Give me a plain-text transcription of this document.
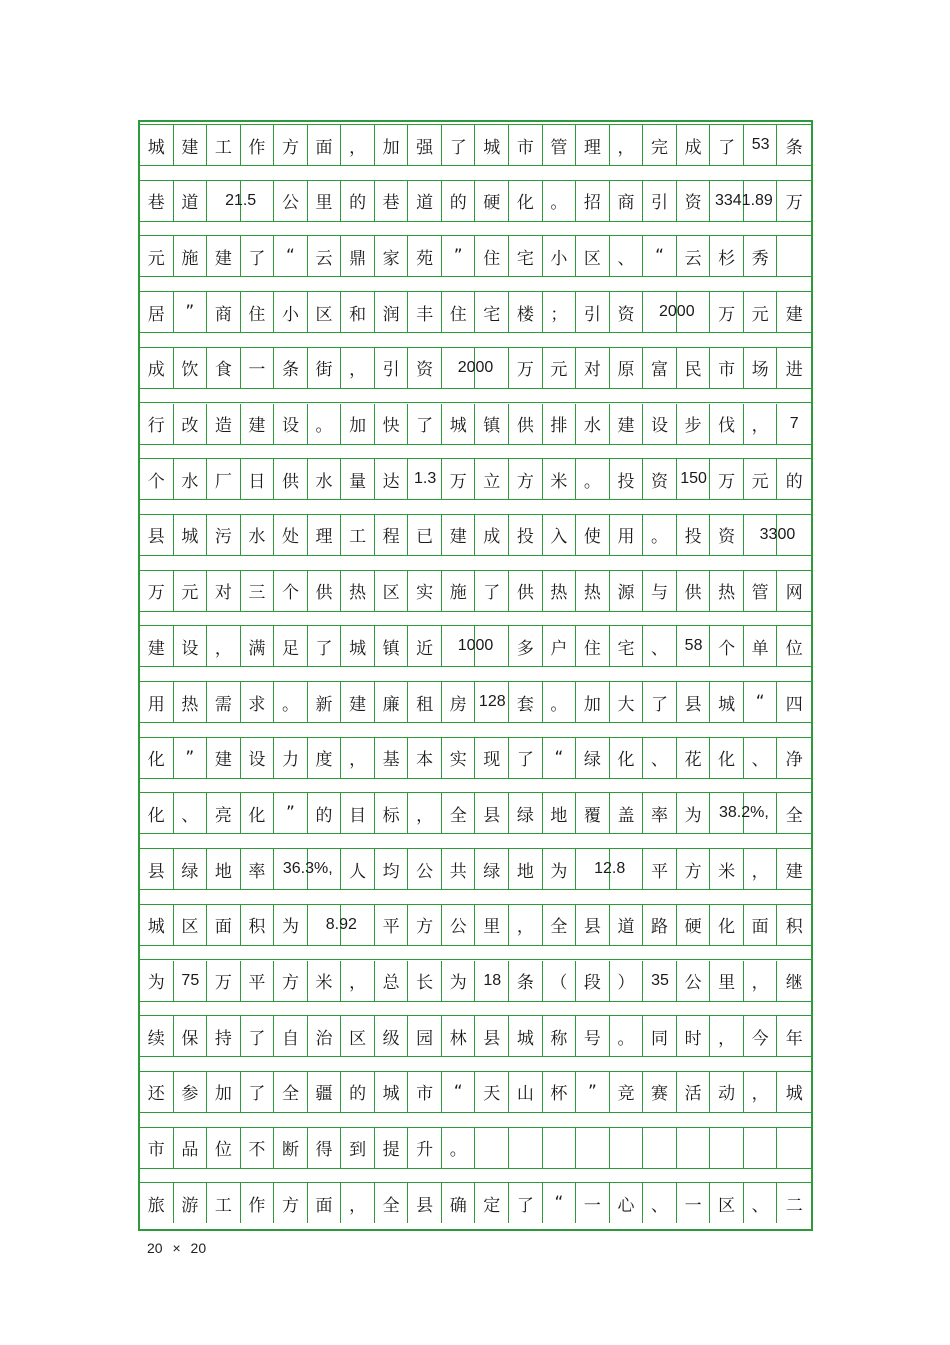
城 建 工 作 方 面 ， 加 强 了 城 市 管 理 ， 完 成 了	条
53
巷 道	公 里 的 巷 道 的 硬 化 。 招 商 引 资	万
21.5	3341.89
元 施 建 了	“	云 鼎 家 苑	”	住 宅 小 区 、	“	云 杉 秀
居	”	商 住 小 区 和 润 丰 住 宅 楼 ； 引 资	万 元	建
2000
成 饮 食 一 条 街 ， 引 资	万 元 对 原 富 民 市 场	进
2000
行 改 造 建 设 。 加 快 了 城 镇 供 排 水 建 设 步 伐 ，	7
个 水 厂 日 供 水 量 达	万 立 方 米 。 投 资	万 元	的
1.3	150
县 城 污 水 处 理 工 程 已 建 成 投 入 使 用 。 投 资	3300
万 元 对 三 个 供 热 区 实 施 了 供 热 热 源 与 供 热 管	网
建 设 ， 满 足 了 城 镇 近	多 户 住 宅 、	个 单	位
1000	58
用 热 需 求 。 新 建 廉 租 房	套 。 加 大 了 县 城	“	四
128
化	”	建 设 力 度 ， 基 本 实 现 了	“	绿 化 、 花 化 、	净
化 、 亮 化	”	的 目 标 ， 全 县 绿 地 覆 盖 率 为	全
38.2%,
县 绿 地 率	人 均 公 共 绿 地 为	平 方 米 ，	建
36.3%,	12.8
城 区 面 积 为	平 方 公 里 ， 全 县 道 路 硬 化 面	积
8.92
为	万 平 方 米 ， 总 长 为	条 （ 段 ）	公 里 ，	继
75	18	35
续 保 持 了 自 治 区 级 园 林 县 城 称 号 。 同 时 ， 今	年
还 参 加 了 全 疆 的 城 市	“	天 山 杯	”	竞 赛 活 动 ，	城
市 品 位 不 断 得 到 提 升 。
旅 游 工 作 方 面 ， 全 县 确 定 了	“	一 心 、 一 区 、	二
20 × 20
